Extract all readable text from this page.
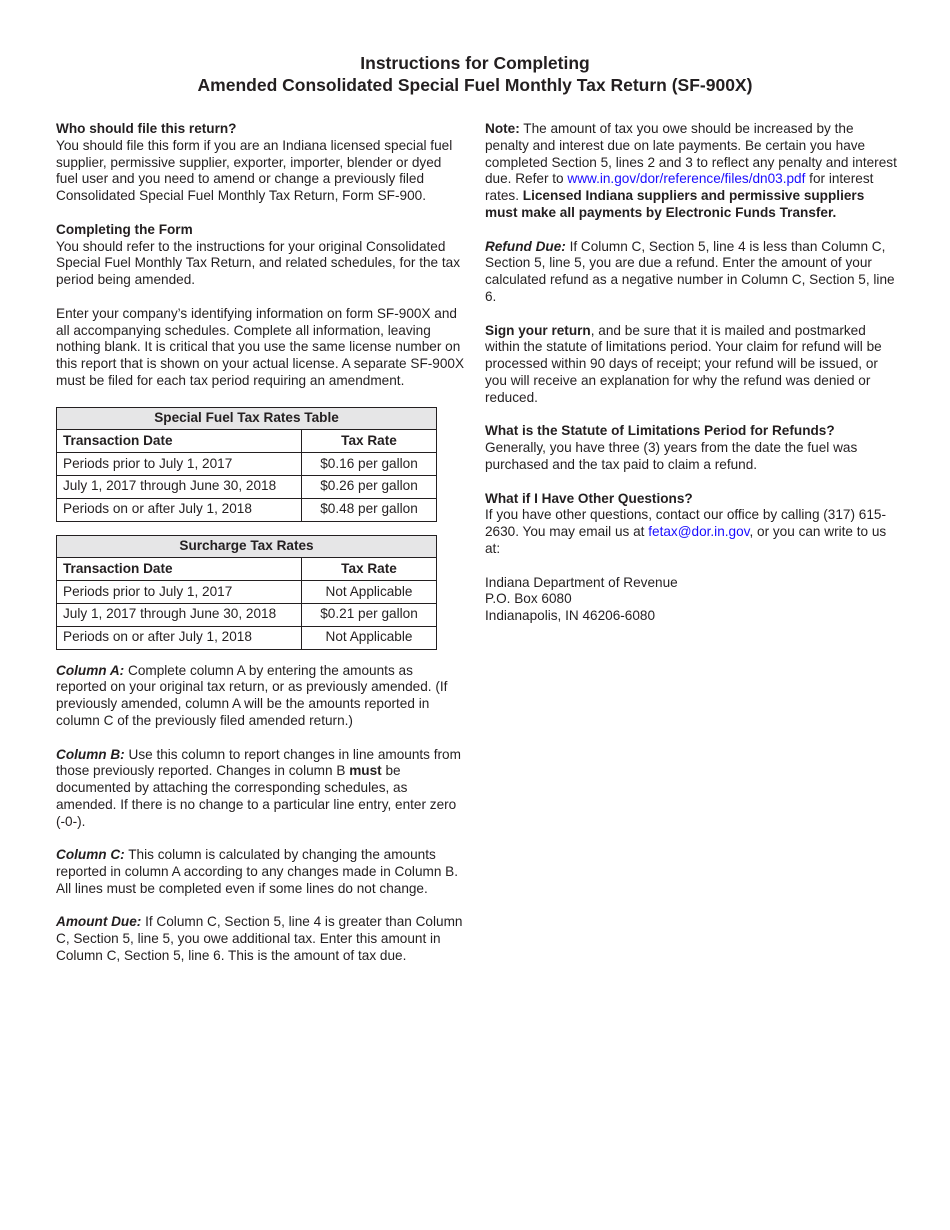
Instructions for Completing
Amended Consolidated Special Fuel Monthly Tax Return (SF-900X)

Who should file this return?
You should file this form if you are an Indiana licensed special fuel supplier, permissive supplier, exporter, importer, blender or dyed fuel user and you need to amend or change a previously filed Consolidated Special Fuel Monthly Tax Return, Form SF-900.

Completing the Form
You should refer to the instructions for your original Consolidated Special Fuel Monthly Tax Return, and related schedules, for the tax period being amended.

Enter your company’s identifying information on form SF-900X and all accompanying schedules. Complete all information, leaving nothing blank. It is critical that you use the same license number on this report that is shown on your actual license. A separate SF-900X must be filed for each tax period requiring an amendment.

Special Fuel Tax Rates Table	
Transaction Date	Tax Rate
Periods prior to July 1, 2017	$0.16 per gallon
July 1, 2017 through June 30, 2018	$0.26 per gallon
Periods on or after July 1, 2018	$0.48 per gallon
Surcharge Tax Rates	
Transaction Date	Tax Rate
Periods prior to July 1, 2017	Not Applicable
July 1, 2017 through June 30, 2018	$0.21 per gallon
Periods on or after July 1, 2018	Not Applicable

Column A: Complete column A by entering the amounts as reported on your original tax return, or as previously amended. (If previously amended, column A will be the amounts reported in column C of the previously filed amended return.)

Column B: Use this column to report changes in line amounts from those previously reported. Changes in column B must be documented by attaching the corresponding schedules, as amended. If there is no change to a particular line entry, enter zero (-0-).

Column C: This column is calculated by changing the amounts reported in column A according to any changes made in Column B. All lines must be completed even if some lines do not change.

Amount Due: If Column C, Section 5, line 4 is greater than Column C, Section 5, line 5, you owe additional tax. Enter this amount in Column C, Section 5, line 6. This is the amount of tax due.

Note: The amount of tax you owe should be increased by the penalty and interest due on late payments. Be certain you have completed Section 5, lines 2 and 3 to reflect any penalty and interest due. Refer to www.in.gov/dor/reference/files/dn03.pdf for interest rates. Licensed Indiana suppliers and permissive suppliers must make all payments by Electronic Funds Transfer.

Refund Due: If Column C, Section 5, line 4 is less than Column C, Section 5, line 5, you are due a refund. Enter the amount of your calculated refund as a negative number in Column C, Section 5, line 6.

Sign your return, and be sure that it is mailed and postmarked within the statute of limitations period. Your claim for refund will be processed within 90 days of receipt; your refund will be issued, or you will receive an explanation for why the refund was denied or reduced.

What is the Statute of Limitations Period for Refunds?
Generally, you have three (3) years from the date the fuel was purchased and the tax paid to claim a refund.

What if I Have Other Questions?
If you have other questions, contact our office by calling (317) 615-2630. You may email us at fetax@dor.in.gov, or you can write to us at:

Indiana Department of Revenue
P.O. Box 6080
Indianapolis, IN 46206-6080
